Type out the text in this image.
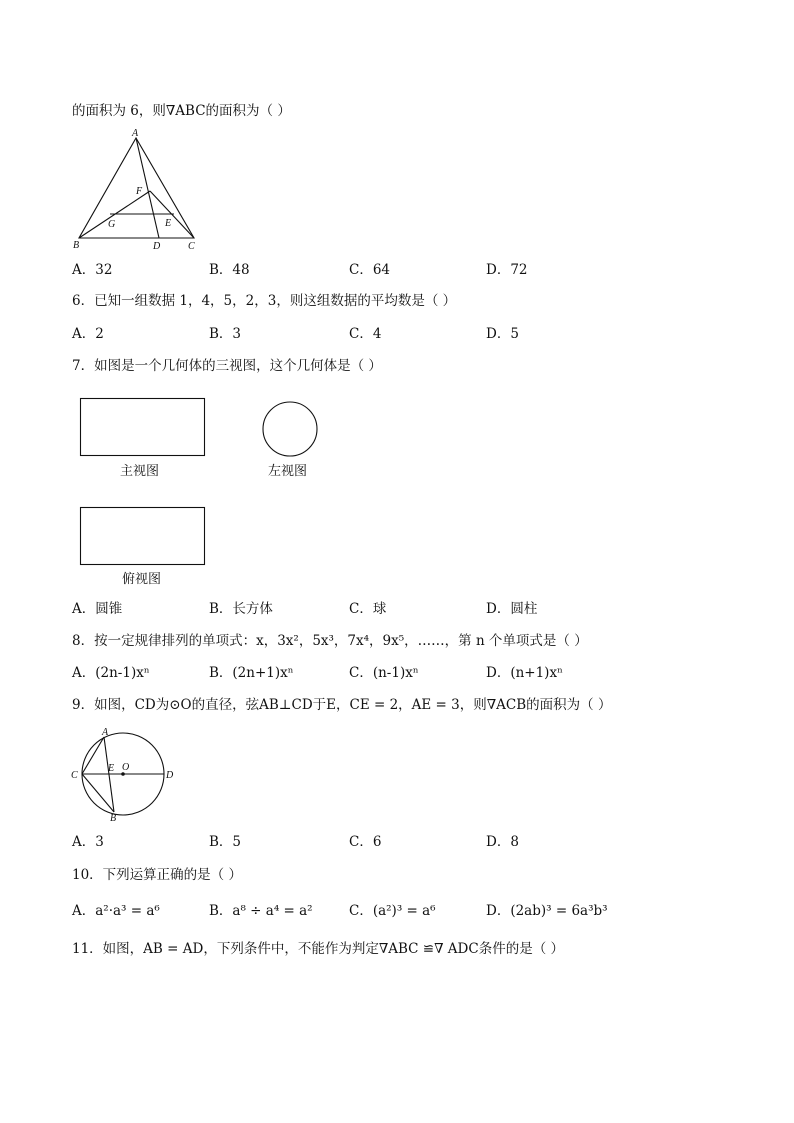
的面积为 6，则∇ABC的面积为（ ）
A
B	C
D
E
F
G
A．32	B．48	C．64	D．72
6．已知一组数据 1，4，5，2，3，则这组数据的平均数是（ ）
A．2	B．3	C．4	D．5
7．如图是一个几何体的三视图，这个几何体是（ ）
主视图	左视图
俯视图
A．圆锥	B．长方体	C．球	D．圆柱
8．按一定规律排列的单项式：x，3x²，5x³，7x⁴，9x⁵，……，第 n 个单项式是（ ）
A．(2n-1)xⁿ	B．(2n+1)xⁿ	C．(n-1)xⁿ	D．(n+1)xⁿ
9．如图，CD为⊙O的直径，弦AB⊥CD于E，CE = 2，AE = 3，则∇ACB的面积为（ ）
A
B
C	D
E O
A．3	B．5	C．6	D．8
10．下列运算正确的是（ ）
A．a²·a³ = a⁶	B．a⁸ ÷ a⁴ = a²	C．(a²)³ = a⁶	D．(2ab)³ = 6a³b³
11．如图，AB = AD，下列条件中，不能作为判定∇ABC ≌∇ ADC条件的是（ ）
